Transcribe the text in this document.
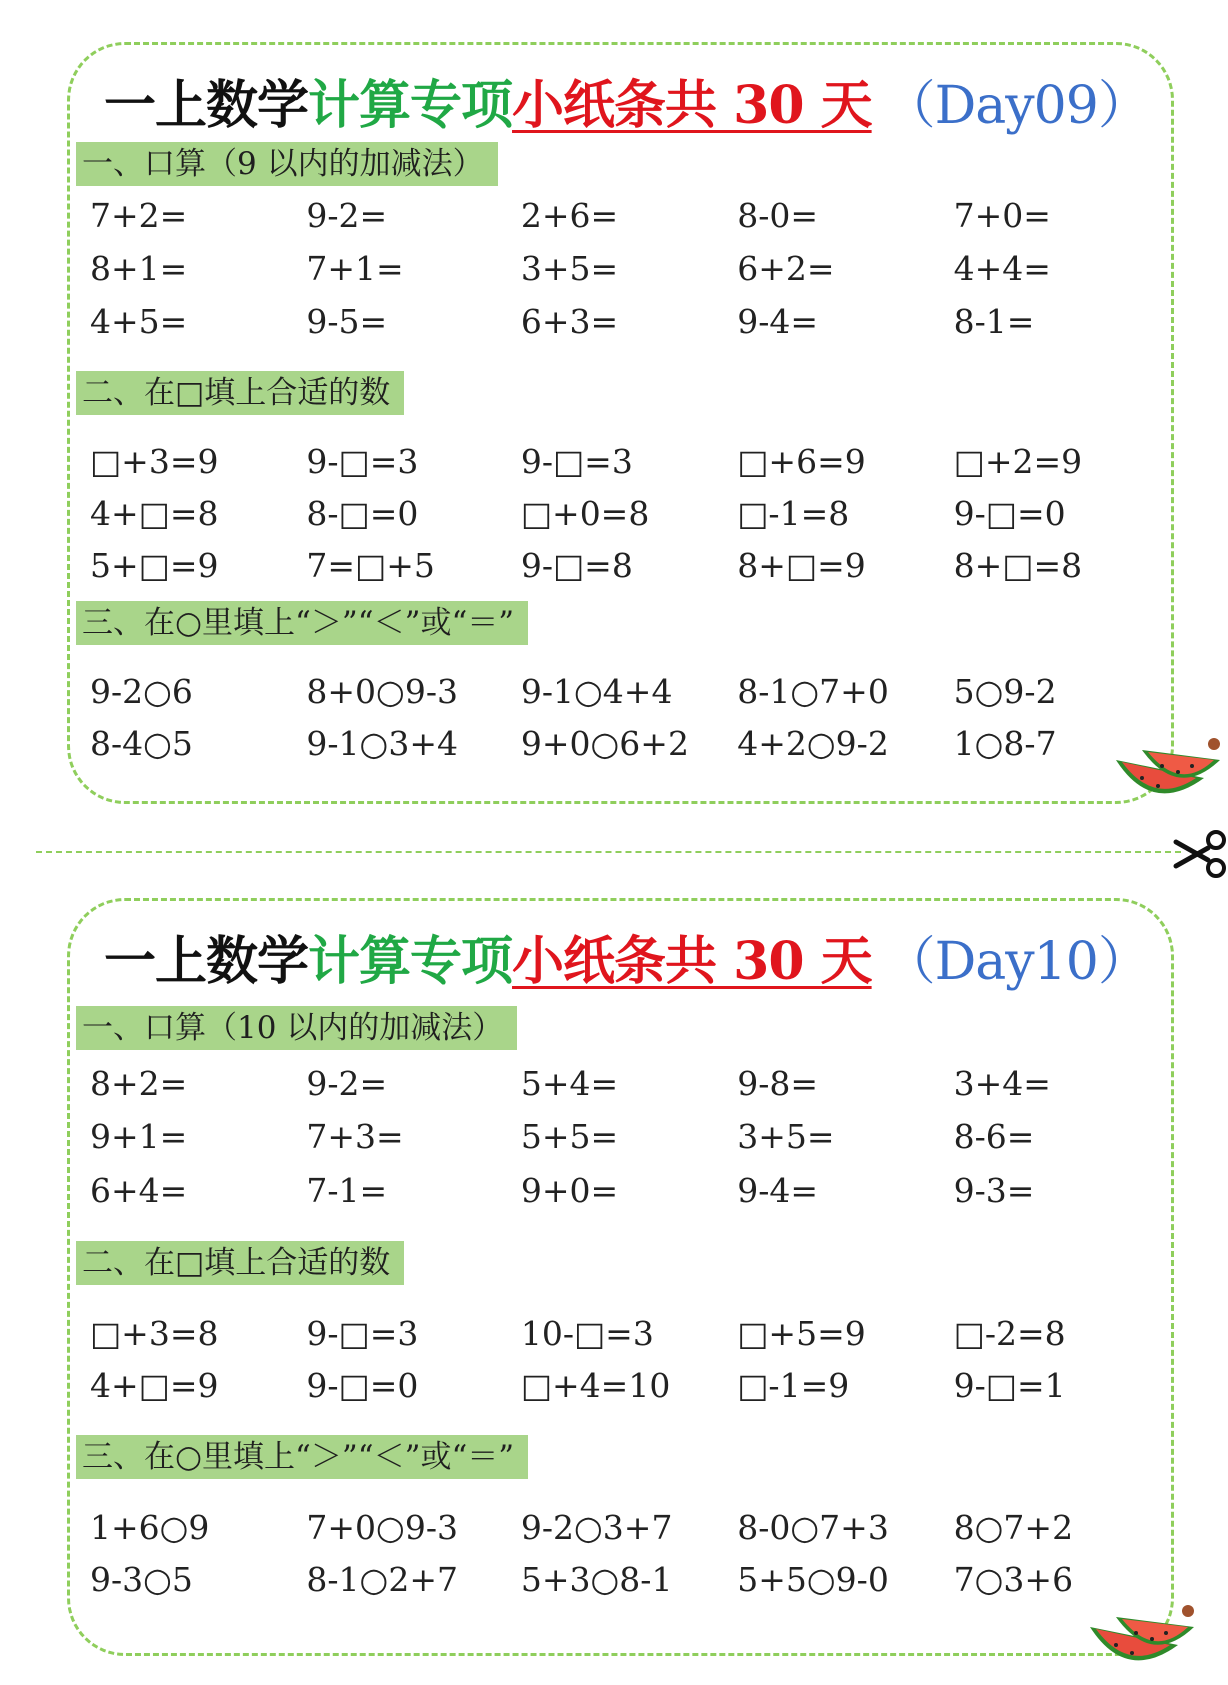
一上数学计算专项小纸条共 30 天 （Day09）
一、口算（9 以内的加减法）
7+2=	9-2=	2+6=	8-0=	7+0=
8+1=	7+1=	3+5=	6+2=	4+4=
4+5=	9-5=	6+3=	9-4=	8-1=
二、在□填上合适的数
□+3=9	9-□=3	9-□=3	□+6=9	□+2=9
4+□=8	8-□=0	□+0=8	□-1=8	9-□=0
5+□=9	7=□+5	9-□=8	8+□=9	8+□=8
三、在○里填上“＞”“＜”或“＝”
9-2○6	8+0○9-3	9-1○4+4	8-1○7+0	5○9-2
8-4○5	9-1○3+4	9+0○6+2	4+2○9-2	1○8-7
一上数学计算专项小纸条共 30 天 （Day10）
一、口算（10 以内的加减法）
8+2=	9-2=	5+4=	9-8=	3+4=
9+1=	7+3=	5+5=	3+5=	8-6=
6+4=	7-1=	9+0=	9-4=	9-3=
二、在□填上合适的数
□+3=8	9-□=3	10-□=3	□+5=9	□-2=8
4+□=9	9-□=0	□+4=10	□-1=9	9-□=1
三、在○里填上“＞”“＜”或“＝”
1+6○9	7+0○9-3	9-2○3+7	8-0○7+3	8○7+2
9-3○5	8-1○2+7	5+3○8-1	5+5○9-0	7○3+6
